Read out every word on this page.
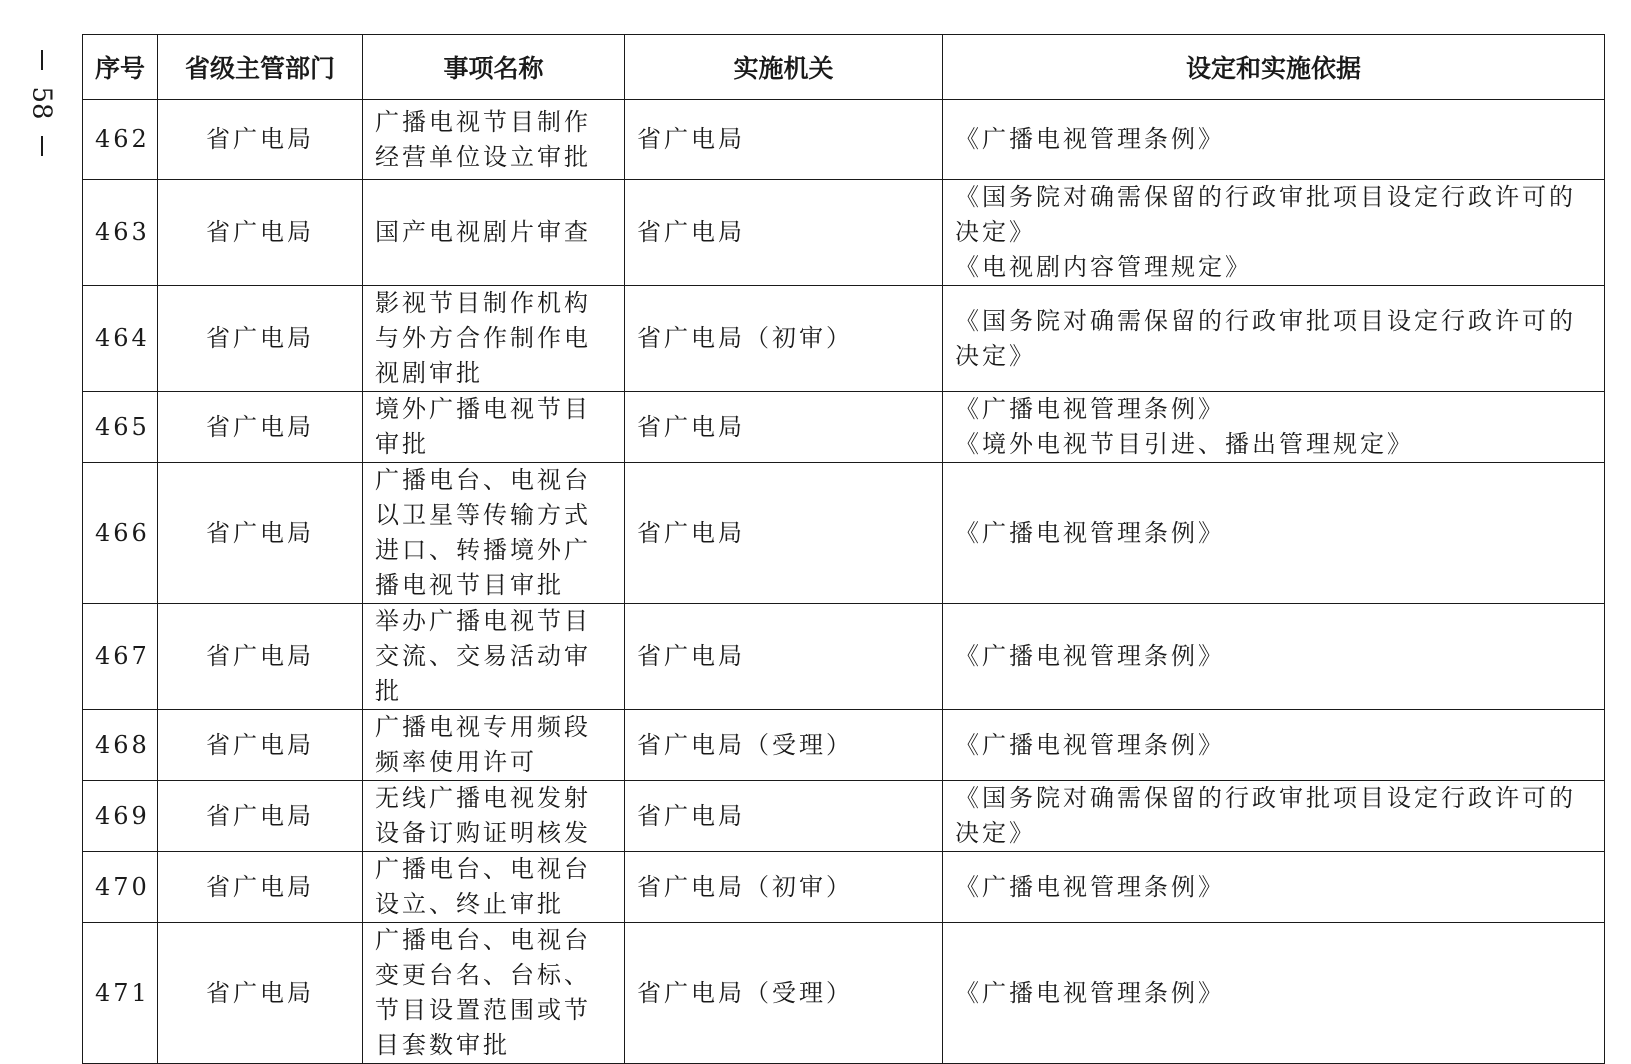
58
序号	省级主管部门	事项名称	实施机关	设定和实施依据
462	省广电局	广播电视节目制作经营单位设立审批	省广电局	《广播电视管理条例》

463	省广电局	国产电视剧片审查	省广电局	《国务院对确需保留的行政审批项目设定行政许可的决定》
《电视剧内容管理规定》

464	省广电局	影视节目制作机构与外方合作制作电视剧审批	省广电局（初审）	《国务院对确需保留的行政审批项目设定行政许可的决定》

465	省广电局	境外广播电视节目审批	省广电局	《广播电视管理条例》
《境外电视节目引进、播出管理规定》

466	省广电局	广播电台、电视台以卫星等传输方式进口、转播境外广播电视节目审批	省广电局	《广播电视管理条例》

467	省广电局	举办广播电视节目交流、交易活动审批	省广电局	《广播电视管理条例》

468	省广电局	广播电视专用频段频率使用许可	省广电局（受理）	《广播电视管理条例》

469	省广电局	无线广播电视发射设备订购证明核发	省广电局	《国务院对确需保留的行政审批项目设定行政许可的决定》

470	省广电局	广播电台、电视台设立、终止审批	省广电局（初审）	《广播电视管理条例》

471	省广电局	广播电台、电视台变更台名、台标、节目设置范围或节目套数审批	省广电局（受理）	《广播电视管理条例》
